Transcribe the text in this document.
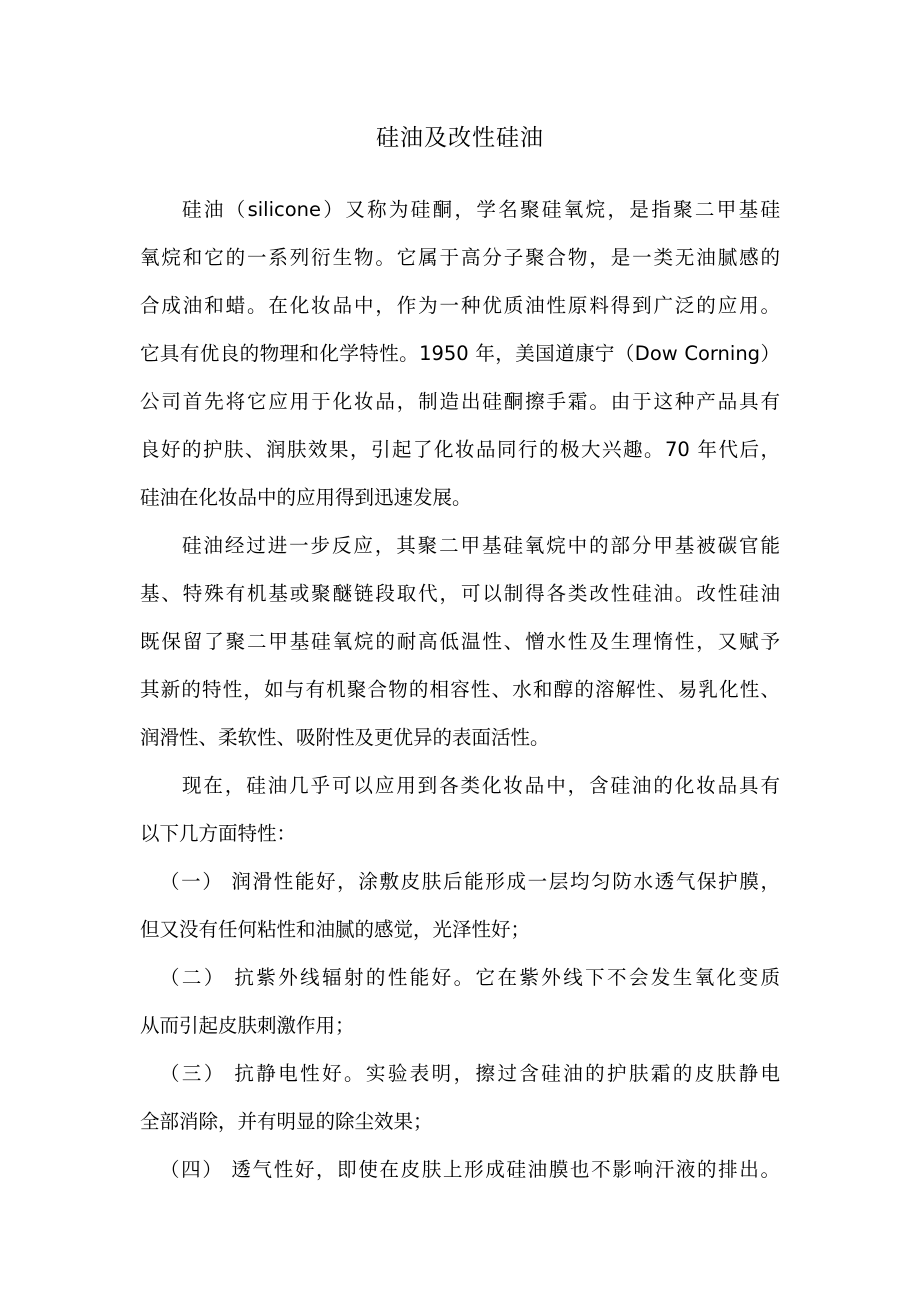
硅油及改性硅油
硅油（silicone）又称为硅酮，学名聚硅氧烷，是指聚二甲基硅
氧烷和它的一系列衍生物。它属于高分子聚合物，是一类无油腻感的
合成油和蜡。在化妆品中，作为一种优质油性原料得到广泛的应用。
它具有优良的物理和化学特性。1950 年，美国道康宁（Dow Corning）
公司首先将它应用于化妆品，制造出硅酮擦手霜。由于这种产品具有
良好的护肤、润肤效果，引起了化妆品同行的极大兴趣。70 年代后，
硅油在化妆品中的应用得到迅速发展。
硅油经过进一步反应，其聚二甲基硅氧烷中的部分甲基被碳官能
基、特殊有机基或聚醚链段取代，可以制得各类改性硅油。改性硅油
既保留了聚二甲基硅氧烷的耐高低温性、憎水性及生理惰性，又赋予
其新的特性，如与有机聚合物的相容性、水和醇的溶解性、易乳化性、
润滑性、柔软性、吸附性及更优异的表面活性。
现在，硅油几乎可以应用到各类化妆品中，含硅油的化妆品具有
以下几方面特性：
（一） 润滑性能好，涂敷皮肤后能形成一层均匀防水透气保护膜，
但又没有任何粘性和油腻的感觉，光泽性好；
（二） 抗紫外线辐射的性能好。它在紫外线下不会发生氧化变质
从而引起皮肤刺激作用；
（三） 抗静电性好。实验表明，擦过含硅油的护肤霜的皮肤静电
全部消除，并有明显的除尘效果；
（四） 透气性好，即使在皮肤上形成硅油膜也不影响汗液的排出。
